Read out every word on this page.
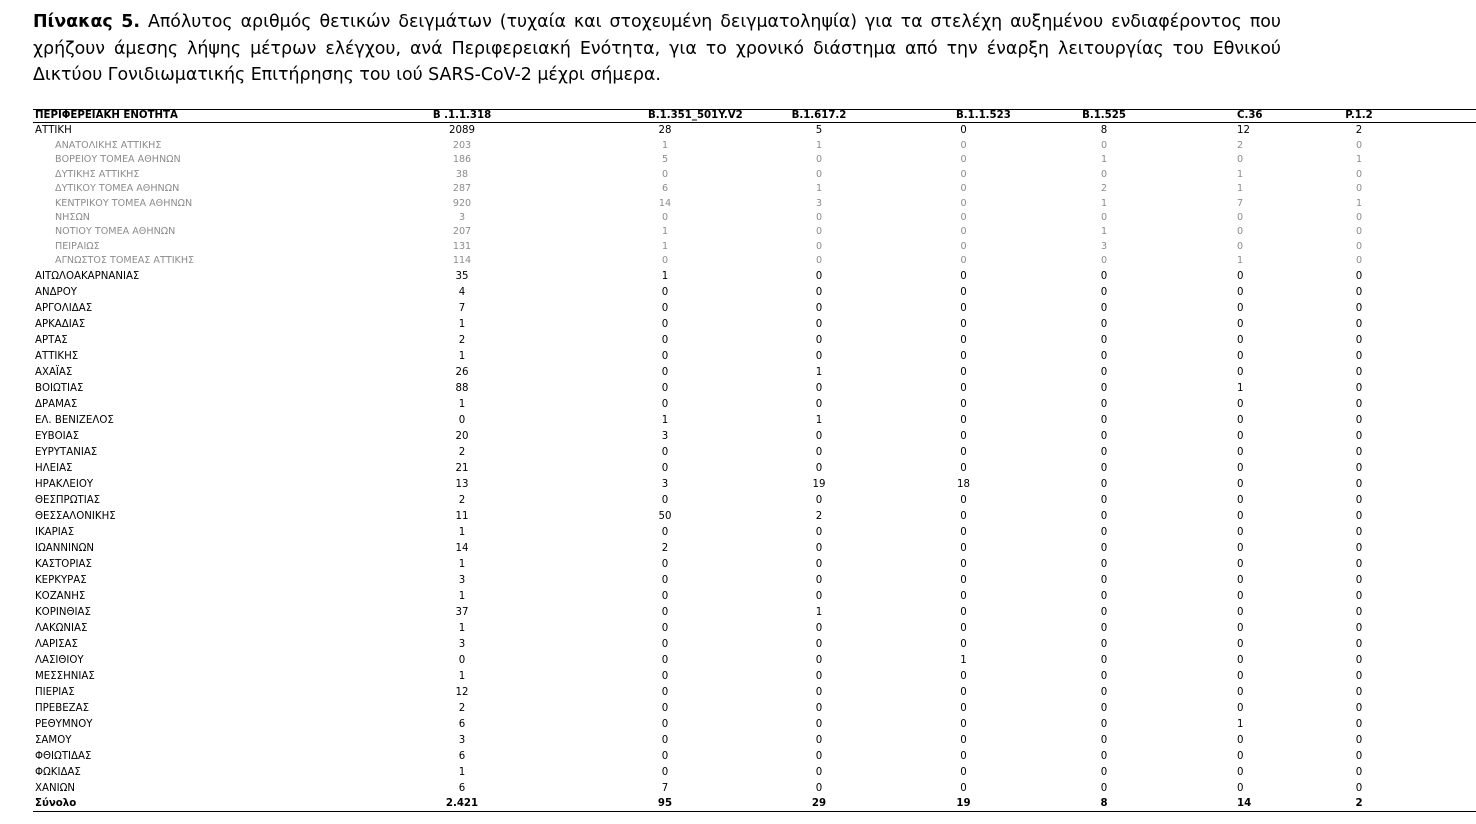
Πίνακας 5. Απόλυτος αριθμός θετικών δειγμάτων (τυχαία και στοχευμένη δειγματοληψία) για τα στελέχη αυξημένου ενδιαφέροντος που χρήζουν άμεσης λήψης μέτρων ελέγχου, ανά Περιφερειακή Ενότητα, για το χρονικό διάστημα από την έναρξη λειτουργίας του Εθνικού Δικτύου Γονιδιωματικής Επιτήρησης του ιού SARS-CoV-2 μέχρι σήμερα.
ΠΕΡΙΦΕΡΕΙΑΚΗ ΕΝΟΤΗΤΑ	Β .1.1.318	Β.1.351_501Y.V2	Β.1.617.2	Β.1.1.523	Β.1.525	C.36	P.1.2
ΑΤΤΙΚΗ	2089	28	5	0	8	12	2
ΑΝΑΤΟΛΙΚΗΣ ΑΤΤΙΚΗΣ	203	1	1	0	0	2	0
ΒΟΡΕΙΟΥ ΤΟΜΕΑ ΑΘΗΝΩΝ	186	5	0	0	1	0	1
ΔΥΤΙΚΗΣ ΑΤΤΙΚΗΣ	38	0	0	0	0	1	0
ΔΥΤΙΚΟΥ ΤΟΜΕΑ ΑΘΗΝΩΝ	287	6	1	0	2	1	0
ΚΕΝΤΡΙΚΟΥ ΤΟΜΕΑ ΑΘΗΝΩΝ	920	14	3	0	1	7	1
ΝΗΣΩΝ	3	0	0	0	0	0	0
ΝΟΤΙΟΥ ΤΟΜΕΑ ΑΘΗΝΩΝ	207	1	0	0	1	0	0
ΠΕΙΡΑΙΩΣ	131	1	0	0	3	0	0
ΑΓΝΩΣΤΟΣ ΤΟΜΕΑΣ ΑΤΤΙΚΗΣ	114	0	0	0	0	1	0
ΑΙΤΩΛΟΑΚΑΡΝΑΝΙΑΣ	35	1	0	0	0	0	0
ΑΝΔΡΟΥ	4	0	0	0	0	0	0
ΑΡΓΟΛΙΔΑΣ	7	0	0	0	0	0	0
ΑΡΚΑΔΙΑΣ	1	0	0	0	0	0	0
ΑΡΤΑΣ	2	0	0	0	0	0	0
ΑΤΤΙΚΗΣ	1	0	0	0	0	0	0
ΑΧΑΪΑΣ	26	0	1	0	0	0	0
ΒΟΙΩΤΙΑΣ	88	0	0	0	0	1	0
ΔΡΑΜΑΣ	1	0	0	0	0	0	0
ΕΛ. ΒΕΝΙΖΕΛΟΣ	0	1	1	0	0	0	0
ΕΥΒΟΙΑΣ	20	3	0	0	0	0	0
ΕΥΡΥΤΑΝΙΑΣ	2	0	0	0	0	0	0
ΗΛΕΙΑΣ	21	0	0	0	0	0	0
ΗΡΑΚΛΕΙΟΥ	13	3	19	18	0	0	0
ΘΕΣΠΡΩΤΙΑΣ	2	0	0	0	0	0	0
ΘΕΣΣΑΛΟΝΙΚΗΣ	11	50	2	0	0	0	0
ΙΚΑΡΙΑΣ	1	0	0	0	0	0	0
ΙΩΑΝΝΙΝΩΝ	14	2	0	0	0	0	0
ΚΑΣΤΟΡΙΑΣ	1	0	0	0	0	0	0
ΚΕΡΚΥΡΑΣ	3	0	0	0	0	0	0
ΚΟΖΑΝΗΣ	1	0	0	0	0	0	0
ΚΟΡΙΝΘΙΑΣ	37	0	1	0	0	0	0
ΛΑΚΩΝΙΑΣ	1	0	0	0	0	0	0
ΛΑΡΙΣΑΣ	3	0	0	0	0	0	0
ΛΑΣΙΘΙΟΥ	0	0	0	1	0	0	0
ΜΕΣΣΗΝΙΑΣ	1	0	0	0	0	0	0
ΠΙΕΡΙΑΣ	12	0	0	0	0	0	0
ΠΡΕΒΕΖΑΣ	2	0	0	0	0	0	0
ΡΕΘΥΜΝΟΥ	6	0	0	0	0	1	0
ΣΑΜΟΥ	3	0	0	0	0	0	0
ΦΘΙΩΤΙΔΑΣ	6	0	0	0	0	0	0
ΦΩΚΙΔΑΣ	1	0	0	0	0	0	0
ΧΑΝΙΩΝ	6	7	0	0	0	0	0
Σύνολο	2.421	95	29	19	8	14	2
